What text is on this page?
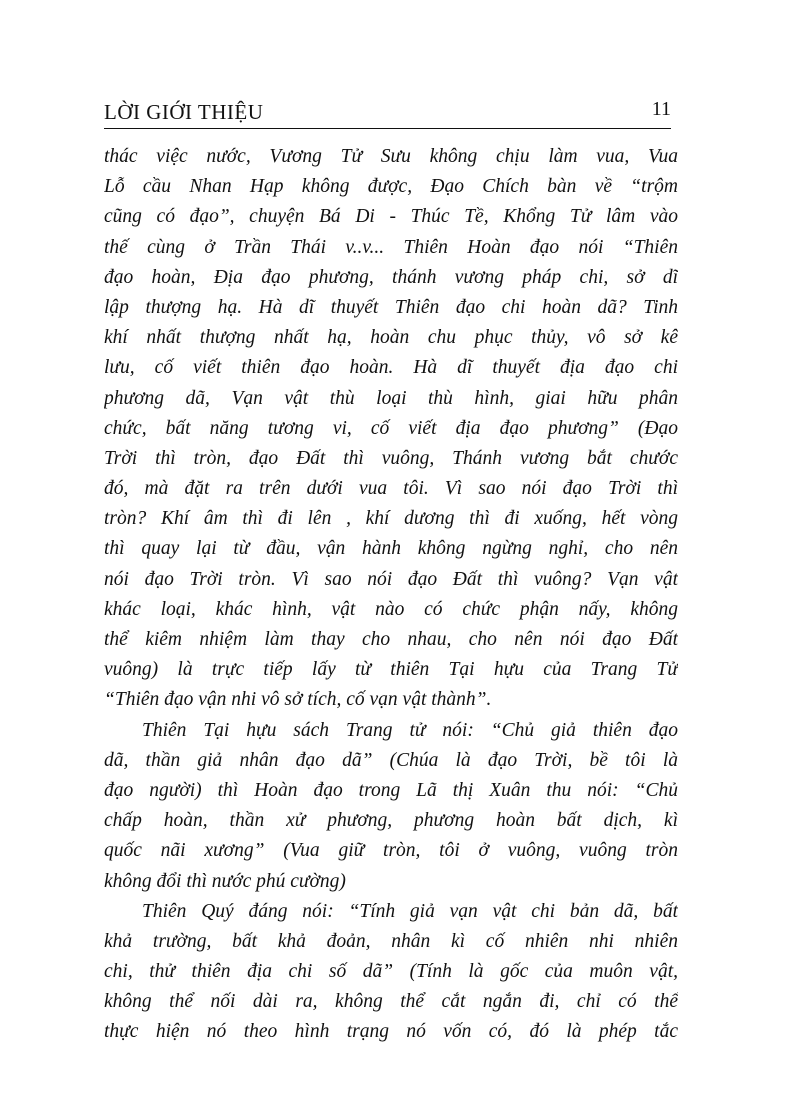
LỜI GIỚI THIỆU	11
thác việc nước, Vương Tử Sưu không chịu làm vua, Vua
Lỗ cầu Nhan Hạp không được, Đạo Chích bàn về “trộm
cũng có đạo”, chuyện Bá Di - Thúc Tề, Khổng Tử lâm vào
thế cùng ở Trần Thái v..v... Thiên Hoàn đạo nói “Thiên
đạo hoàn, Địa đạo phương, thánh vương pháp chi, sở dĩ
lập thượng hạ. Hà dĩ thuyết Thiên đạo chi hoàn dã? Tinh
khí nhất thượng nhất hạ, hoàn chu phục thủy, vô sở kê
lưu, cố viết thiên đạo hoàn. Hà dĩ thuyết địa đạo chi
phương dã, Vạn vật thù loại thù hình, giai hữu phân
chức, bất năng tương vi, cố viết địa đạo phương” (Đạo
Trời thì tròn, đạo Đất thì vuông, Thánh vương bắt chước
đó, mà đặt ra trên dưới vua tôi. Vì sao nói đạo Trời thì
tròn? Khí âm thì đi lên , khí dương thì đi xuống, hết vòng
thì quay lại từ đầu, vận hành không ngừng nghỉ, cho nên
nói đạo Trời tròn. Vì sao nói đạo Đất thì vuông? Vạn vật
khác loại, khác hình, vật nào có chức phận nấy, không
thể kiêm nhiệm làm thay cho nhau, cho nên nói đạo Đất
vuông) là trực tiếp lấy từ thiên Tại hựu của Trang Tử
“Thiên đạo vận nhi vô sở tích, cố vạn vật thành”.
Thiên Tại hựu sách Trang tử nói: “Chủ giả thiên đạo
dã, thần giả nhân đạo dã” (Chúa là đạo Trời, bề tôi là
đạo người) thì Hoàn đạo trong Lã thị Xuân thu nói: “Chủ
chấp hoàn, thần xử phương, phương hoàn bất dịch, kì
quốc nãi xương” (Vua giữ tròn, tôi ở vuông, vuông tròn
không đổi thì nước phú cường)
Thiên Quý đáng nói: “Tính giả vạn vật chi bản dã, bất
khả trường, bất khả đoản, nhân kì cố nhiên nhi nhiên
chi, thử thiên địa chi số dã” (Tính là gốc của muôn vật,
không thể nối dài ra, không thể cắt ngắn đi, chỉ có thể
thực hiện nó theo hình trạng nó vốn có, đó là phép tắc
